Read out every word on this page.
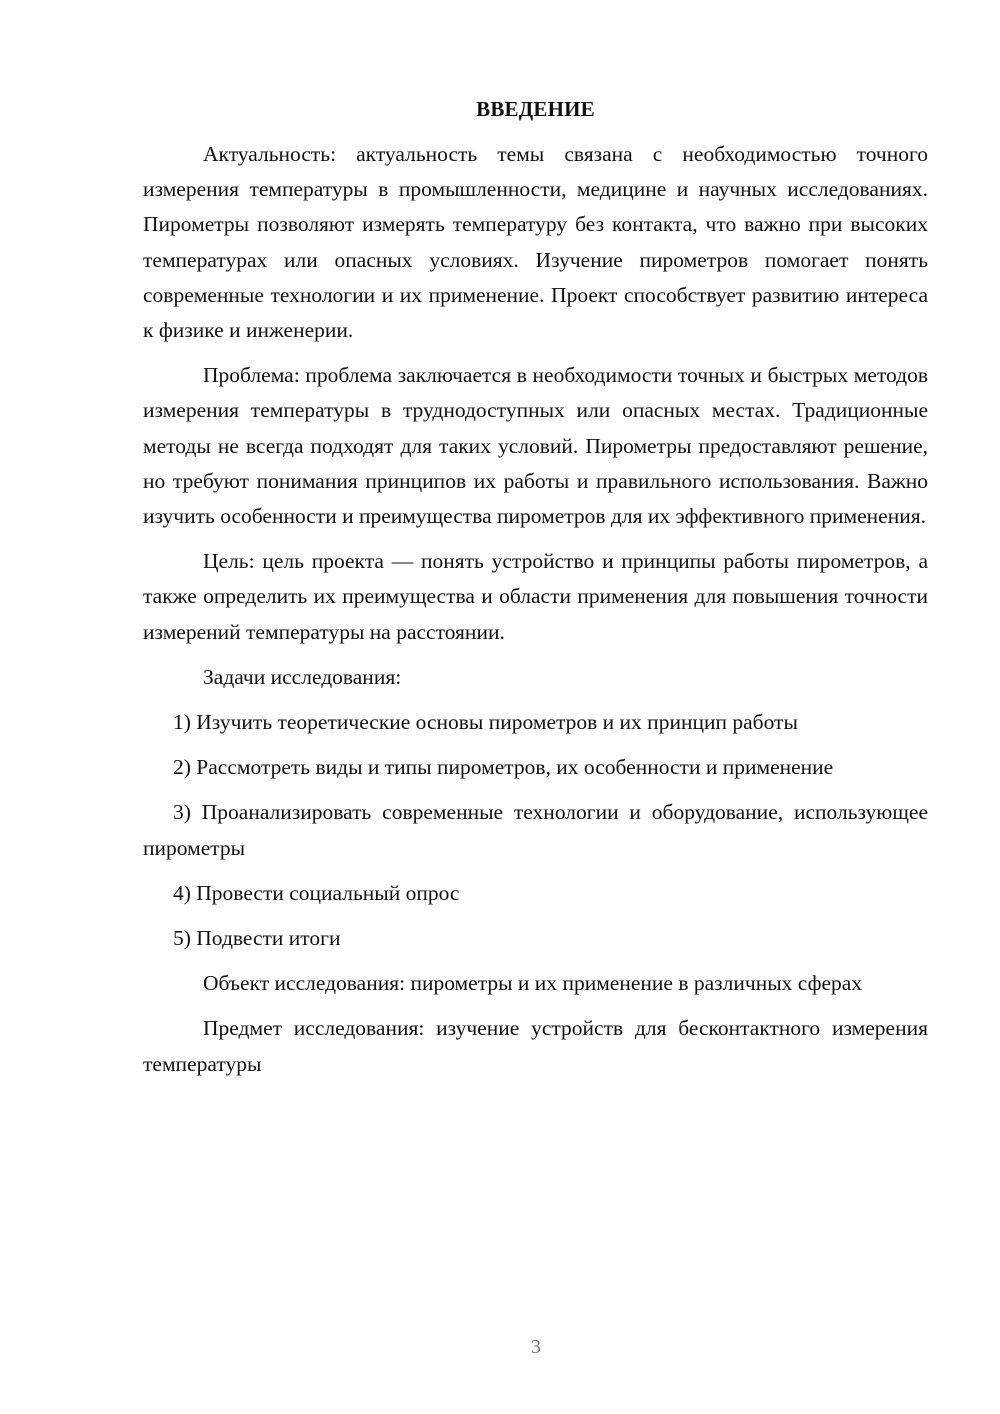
ВВЕДЕНИЕ

Актуальность: актуальность темы связана с необходимостью точного измерения температуры в промышленности, медицине и научных исследованиях. Пирометры позволяют измерять температуру без контакта, что важно при высоких температурах или опасных условиях. Изучение пирометров помогает понять современные технологии и их применение. Проект способствует развитию интереса к физике и инженерии.

Проблема: проблема заключается в необходимости точных и быстрых методов измерения температуры в труднодоступных или опасных местах. Традиционные методы не всегда подходят для таких условий. Пирометры предоставляют решение, но требуют понимания принципов их работы и правильного использования. Важно изучить особенности и преимущества пирометров для их эффективного применения.

Цель: цель проекта — понять устройство и принципы работы пирометров, а также определить их преимущества и области применения для повышения точности измерений температуры на расстоянии.

Задачи исследования:

1) Изучить теоретические основы пирометров и их принцип работы

2) Рассмотреть виды и типы пирометров, их особенности и применение

3) Проанализировать современные технологии и оборудование, использующее пирометры

4) Провести социальный опрос

5) Подвести итоги

Объект исследования: пирометры и их применение в различных сферах

Предмет исследования: изучение устройств для бесконтактного измерения температуры

3
